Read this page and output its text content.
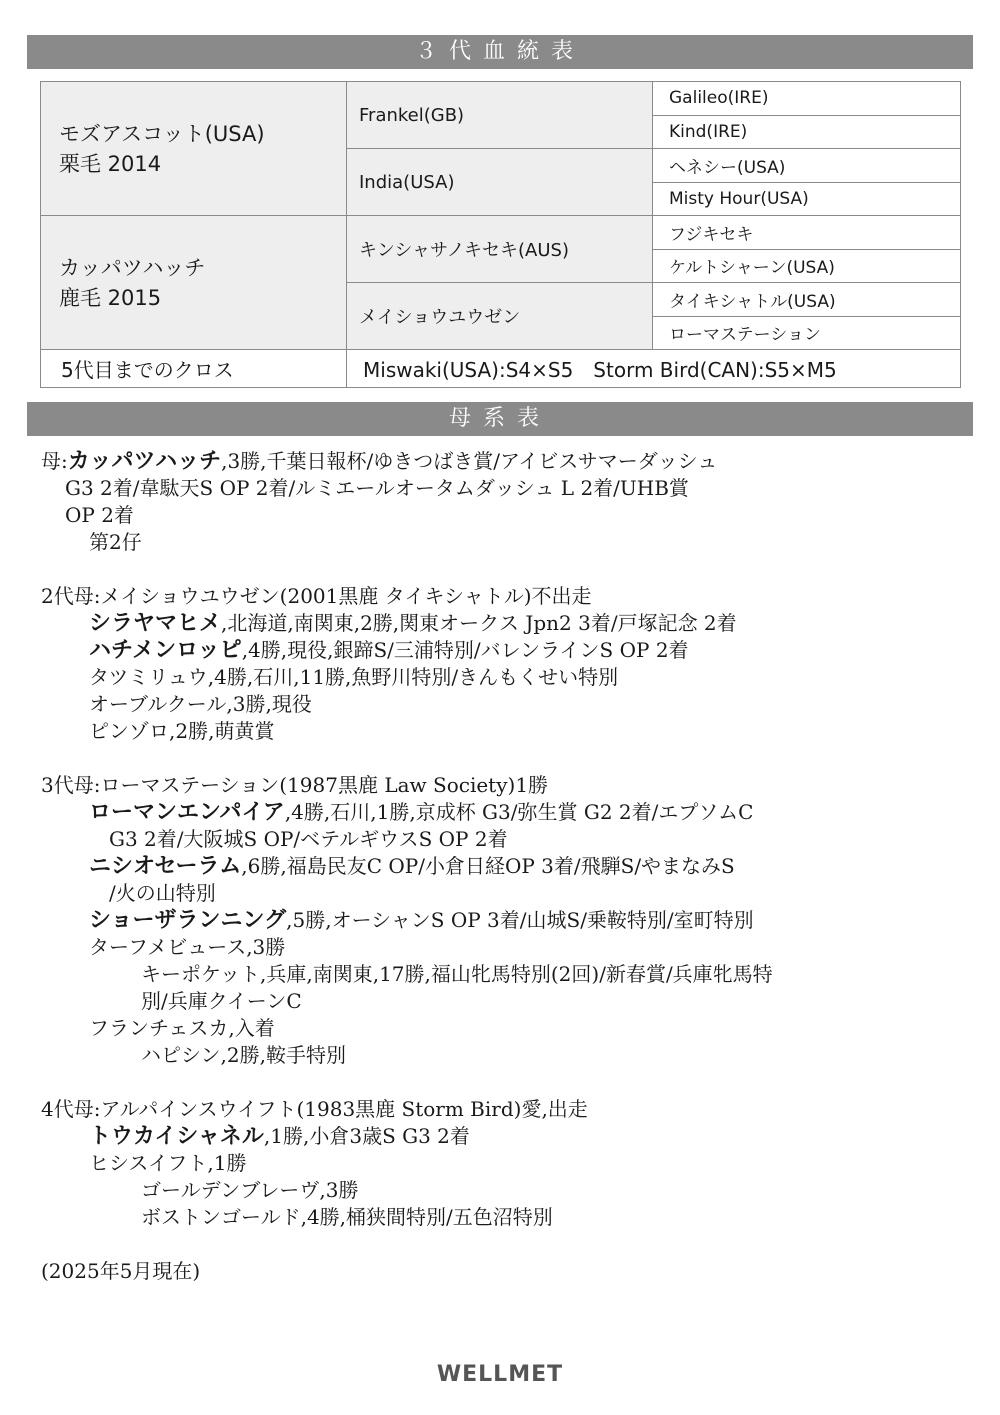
３代血統表
モズアスコット(USA)
栗毛 2014	Frankel(GB)	Galileo(IRE)
		Kind(IRE)
	India(USA)	ヘネシー(USA)
		Misty Hour(USA)

カッパツハッチ
鹿毛 2015	キンシャサノキセキ(AUS)	フジキセキ
		ケルトシャーン(USA)
	メイショウユウゼン	タイキシャトル(USA)
		ローマステーション
5代目までのクロス	Miswaki(USA):S4×S5　Storm Bird(CAN):S5×M5	
母系表
母:カッパツハッチ,3勝,千葉日報杯/ゆきつばき賞/アイビスサマーダッシュ
G3 2着/韋駄天S OP 2着/ルミエールオータムダッシュ L 2着/UHB賞
OP 2着
第2仔
2代母:メイショウユウゼン(2001黒鹿 タイキシャトル)不出走
シラヤマヒメ,北海道,南関東,2勝,関東オークス Jpn2 3着/戸塚記念 2着
ハチメンロッピ,4勝,現役,銀蹄S/三浦特別/バレンラインS OP 2着
タツミリュウ,4勝,石川,11勝,魚野川特別/きんもくせい特別
オーブルクール,3勝,現役
ピンゾロ,2勝,萌黄賞
3代母:ローマステーション(1987黒鹿 Law Society)1勝
ローマンエンパイア,4勝,石川,1勝,京成杯 G3/弥生賞 G2 2着/エプソムC
　G3 2着/大阪城S OP/ベテルギウスS OP 2着
ニシオセーラム,6勝,福島民友C OP/小倉日経OP 3着/飛騨S/やまなみS
　/火の山特別
ショーザランニング,5勝,オーシャンS OP 3着/山城S/乗鞍特別/室町特別
ターフメビュース,3勝
キーポケット,兵庫,南関東,17勝,福山牝馬特別(2回)/新春賞/兵庫牝馬特
別/兵庫クイーンC
フランチェスカ,入着
ハピシン,2勝,鞍手特別
4代母:アルパインスウイフト(1983黒鹿 Storm Bird)愛,出走
トウカイシャネル,1勝,小倉3歳S G3 2着
ヒシスイフト,1勝
ゴールデンブレーヴ,3勝
ボストンゴールド,4勝,桶狭間特別/五色沼特別
(2025年5月現在)
WELLMET
